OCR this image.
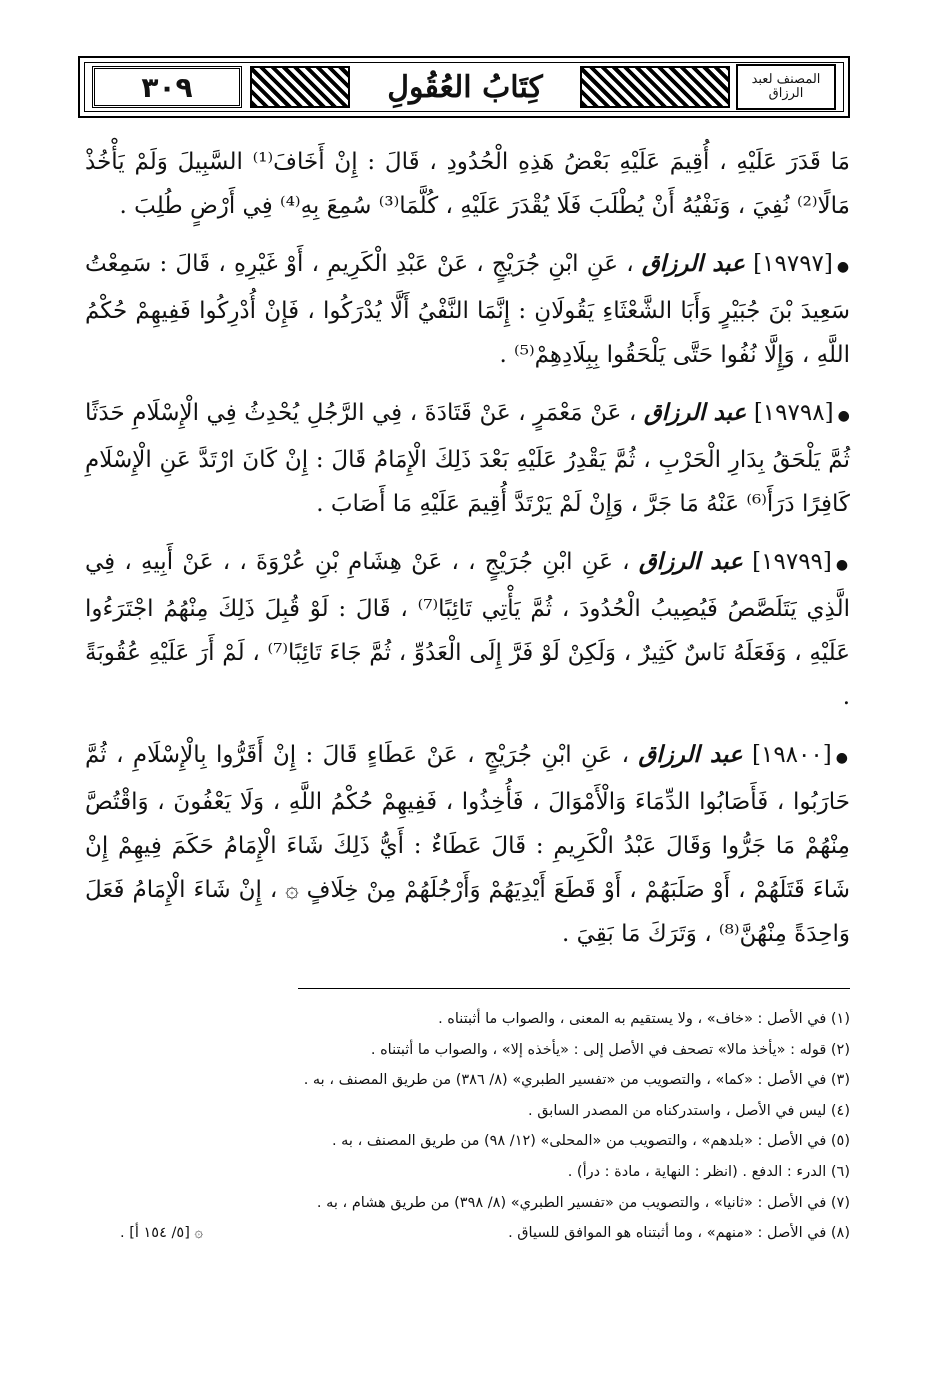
٣٠٩	كِتَابُ العُقُولِ	المصنف لعبد الرزاق

مَا قَدَرَ عَلَيْهِ ، أُقِيمَ عَلَيْهِ بَعْضُ هَذِهِ الْحُدُودِ ، قَالَ : إِنْ أَخَافَ⁽¹⁾ السَّبِيلَ وَلَمْ يَأْخُذْ مَالًا⁽²⁾ نُفِيَ ، وَنَفْيُهُ أَنْ يُطْلَبَ فَلَا يُقْدَرَ عَلَيْهِ ، كُلَّمَا⁽³⁾ سُمِعَ بِهِ⁽⁴⁾ فِي أَرْضٍ طُلِبَ .

●[١٩٧٩٧] عبد الرزاق ، عَنِ ابْنِ جُرَيْجٍ ، عَنْ عَبْدِ الْكَرِيمِ ، أَوْ غَيْرِهِ ، قَالَ : سَمِعْتُ سَعِيدَ بْنَ جُبَيْرٍ وَأَبَا الشَّعْثَاءِ يَقُولَانِ : إِنَّمَا النَّفْيُ أَلَّا يُدْرَكُوا ، فَإِنْ أُدْرِكُوا فَفِيهِمْ حُكْمُ اللَّهِ ، وَإِلَّا نُفُوا حَتَّى يَلْحَقُوا بِبِلَادِهِمْ⁽⁵⁾ .

●[١٩٧٩٨] عبد الرزاق ، عَنْ مَعْمَرٍ ، عَنْ قَتَادَةَ ، فِي الرَّجُلِ يُحْدِثُ فِي الْإِسْلَامِ حَدَثًا ثُمَّ يَلْحَقُ بِدَارِ الْحَرْبِ ، ثُمَّ يَقْدِرُ عَلَيْهِ بَعْدَ ذَلِكَ الْإِمَامُ قَالَ : إِنْ كَانَ ارْتَدَّ عَنِ الْإِسْلَامِ كَافِرًا دَرَأَ⁽⁶⁾ عَنْهُ مَا جَرَّ ، وَإِنْ لَمْ يَرْتَدَّ أُقِيمَ عَلَيْهِ مَا أَصَابَ .

●[١٩٧٩٩] عبد الرزاق ، عَنِ ابْنِ جُرَيْجٍ ، ، عَنْ هِشَامِ بْنِ عُرْوَةَ ، ، عَنْ أَبِيهِ ، فِي الَّذِي يَتَلَصَّصُ فَيُصِيبُ الْحُدُودَ ، ثُمَّ يَأْتِي تَائِبًا⁽⁷⁾ ، قَالَ : لَوْ قُبِلَ ذَلِكَ مِنْهُمُ اجْتَرَءُوا عَلَيْهِ ، وَفَعَلَهُ نَاسٌ كَثِيرٌ ، وَلَكِنْ لَوْ فَرَّ إِلَى الْعَدُوِّ ، ثُمَّ جَاءَ تَائِبًا⁽⁷⁾ ، لَمْ أَرَ عَلَيْهِ عُقُوبَةً .

●[١٩٨٠٠] عبد الرزاق ، عَنِ ابْنِ جُرَيْجٍ ، عَنْ عَطَاءٍ قَالَ : إِنْ أَقَرُّوا بِالْإِسْلَامِ ، ثُمَّ حَارَبُوا ، فَأَصَابُوا الدِّمَاءَ وَالْأَمْوَالَ ، فَأُخِذُوا ، فَفِيهِمْ حُكْمُ اللَّهِ ، وَلَا يَعْفُونَ ، وَاقْتُصَّ مِنْهُمْ مَا جَرُّوا وَقَالَ عَبْدُ الْكَرِيمِ : قَالَ عَطَاءٌ : أَيُّ ذَلِكَ شَاءَ الْإِمَامُ حَكَمَ فِيهِمْ إِنْ شَاءَ قَتَلَهُمْ ، أَوْ صَلَبَهُمْ ، أَوْ قَطَعَ أَيْدِيَهُمْ وَأَرْجُلَهُمْ مِنْ خِلَافٍ ۞ ، إِنْ شَاءَ الْإِمَامُ فَعَلَ وَاحِدَةً مِنْهُنَّ⁽⁸⁾ ، وَتَرَكَ مَا بَقِيَ .

(١) في الأصل : «خاف» ، ولا يستقيم به المعنى ، والصواب ما أثبتناه .
(٢) قوله : «يأخذ مالا» تصحف في الأصل إلى : «يأخذه إلا» ، والصواب ما أثبتناه .
(٣) في الأصل : «كما» ، والتصويب من «تفسير الطبري» (٨/ ٣٨٦) من طريق المصنف ، به .
(٤) ليس في الأصل ، واستدركناه من المصدر السابق .
(٥) في الأصل : «بلدهم» ، والتصويب من «المحلى» (١٢/ ٩٨) من طريق المصنف ، به .
(٦) الدرء : الدفع . (انظر : النهاية ، مادة : درأ) .
(٧) في الأصل : «ثانيا» ، والتصويب من «تفسير الطبري» (٨/ ٣٩٨) من طريق هشام ، به .
(٨) في الأصل : «منهم» ، وما أثبتناه هو الموافق للسياق .
۞ [٥/ ١٥٤ أ] .
